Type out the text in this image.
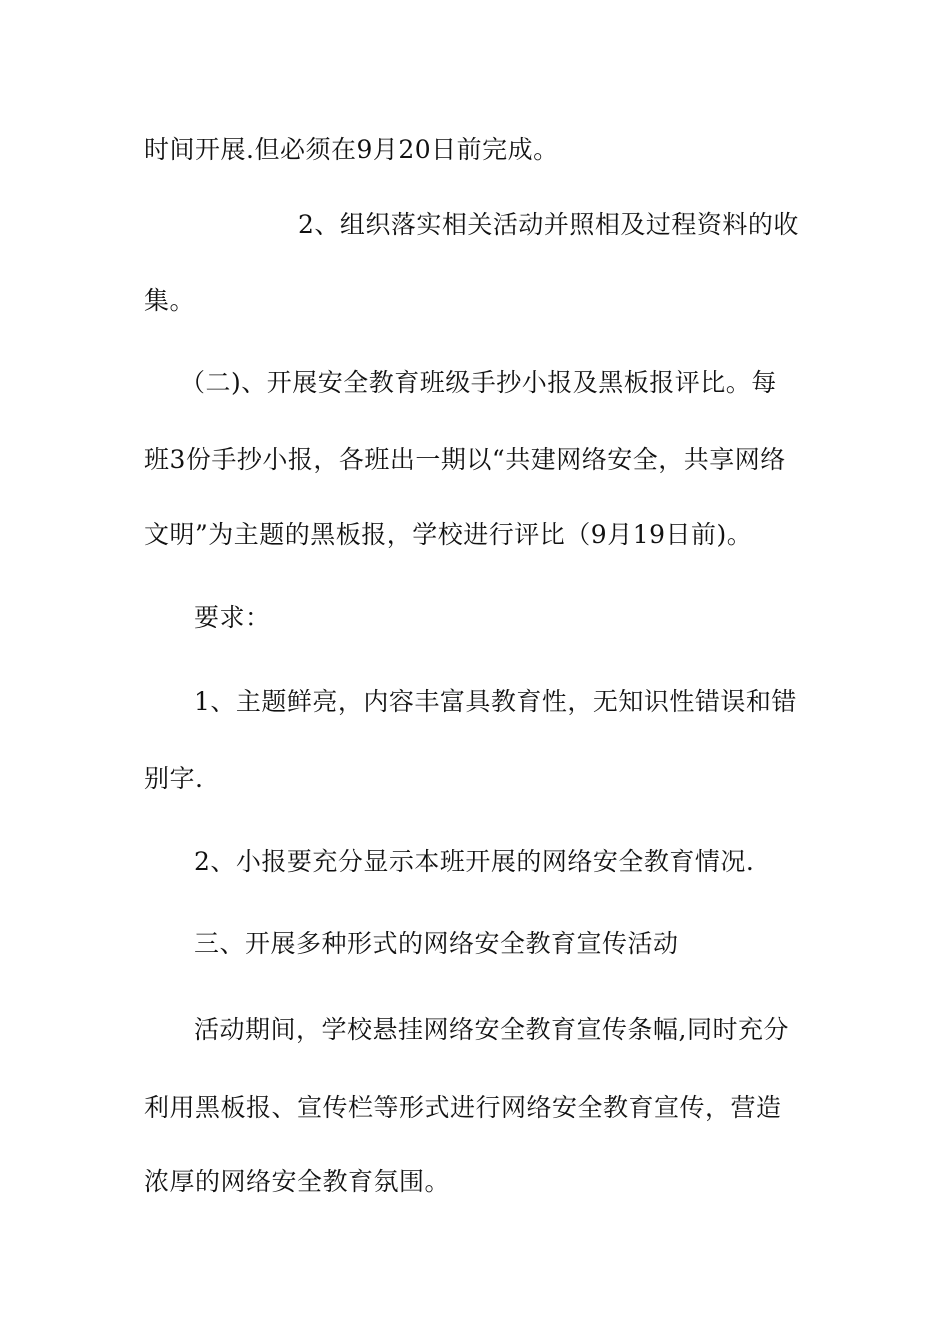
时间开展.但必须在9月20日前完成。
2、组织落实相关活动并照相及过程资料的收
集。
（二)、开展安全教育班级手抄小报及黑板报评比。每
班3份手抄小报，各班出一期以“共建网络安全，共享网络
文明”为主题的黑板报，学校进行评比（9月19日前)。
要求：
1、主题鲜亮，内容丰富具教育性，无知识性错误和错
别字.
2、小报要充分显示本班开展的网络安全教育情况.
三、开展多种形式的网络安全教育宣传活动
活动期间，学校悬挂网络安全教育宣传条幅,同时充分
利用黑板报、宣传栏等形式进行网络安全教育宣传，营造
浓厚的网络安全教育氛围。
